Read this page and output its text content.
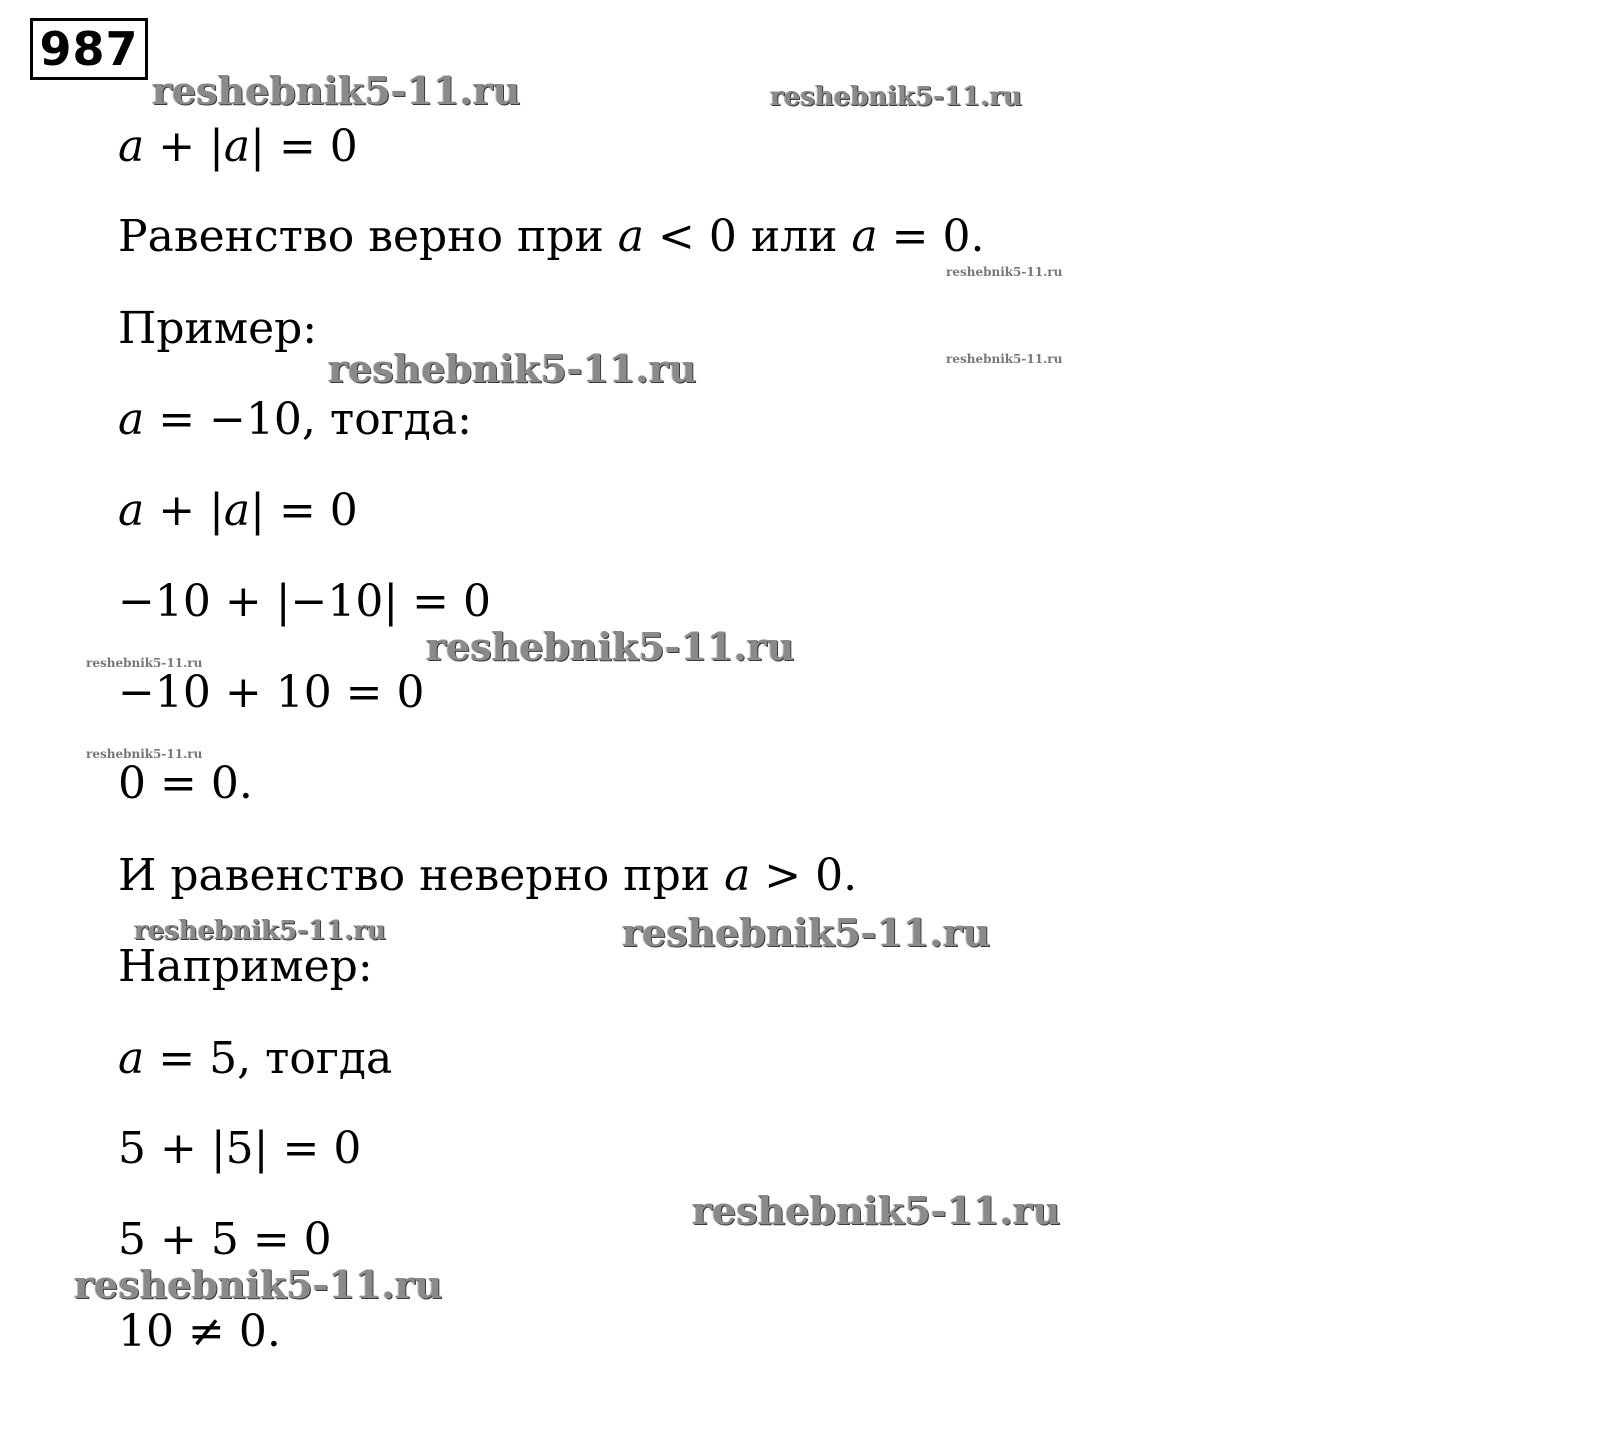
987
𝑎 + |𝑎| = 0
Равенство верно при 𝑎 < 0 или 𝑎 = 0.
Пример:
𝑎 = −10, тогда:
𝑎 + |𝑎| = 0
−10 + |−10| = 0
−10 + 10 = 0
0 = 0.
И равенство неверно при 𝑎 > 0.
Например:
𝑎 = 5, тогда
5 + |5| = 0
5 + 5 = 0
10 ≠ 0.
reshebnik5-11.ru	reshebnik5-11.ru
reshebnik5-11.ru
reshebnik5-11.ru
reshebnik5-11.ru
reshebnik5-11.ru
reshebnik5-11.ru
reshebnik5-11.ru
reshebnik5-11.ru	reshebnik5-11.ru
reshebnik5-11.ru
reshebnik5-11.ru
